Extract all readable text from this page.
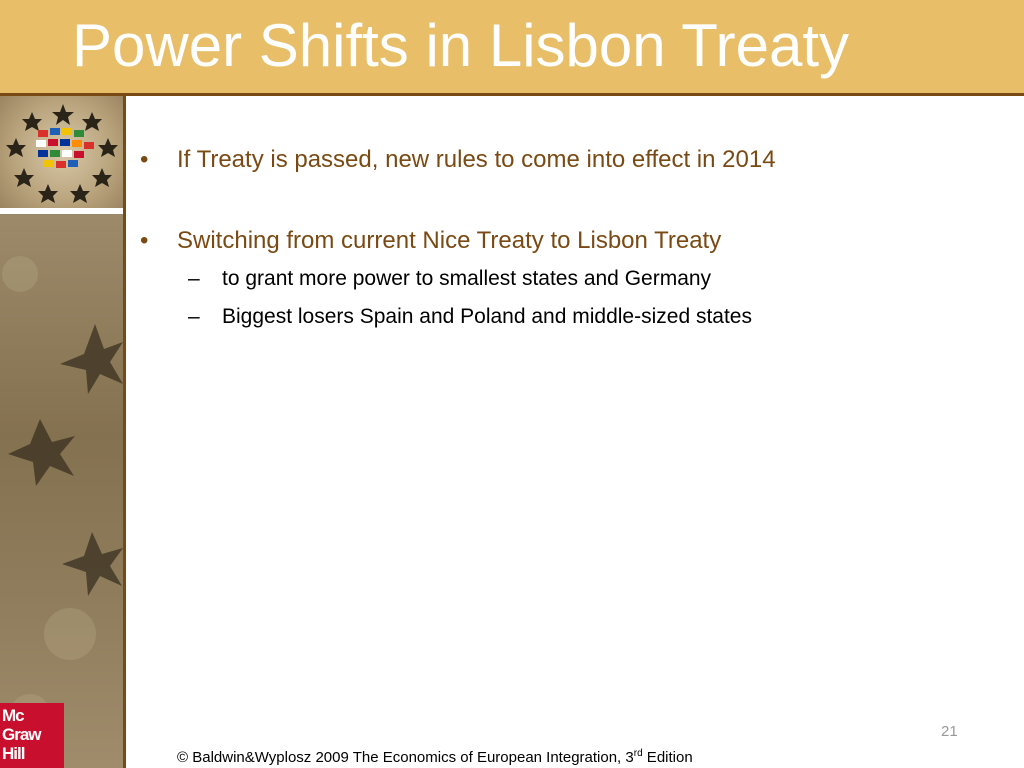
Power Shifts in Lisbon Treaty
Mc
Graw
Hill
• If Treaty is passed, new rules to come into effect in 2014
• Switching from current Nice Treaty to Lisbon Treaty
– to grant more power to smallest states and Germany
– Biggest losers Spain and Poland and middle-sized states
21
© Baldwin&Wyplosz 2009 The Economics of European Integration, 3rd Edition
